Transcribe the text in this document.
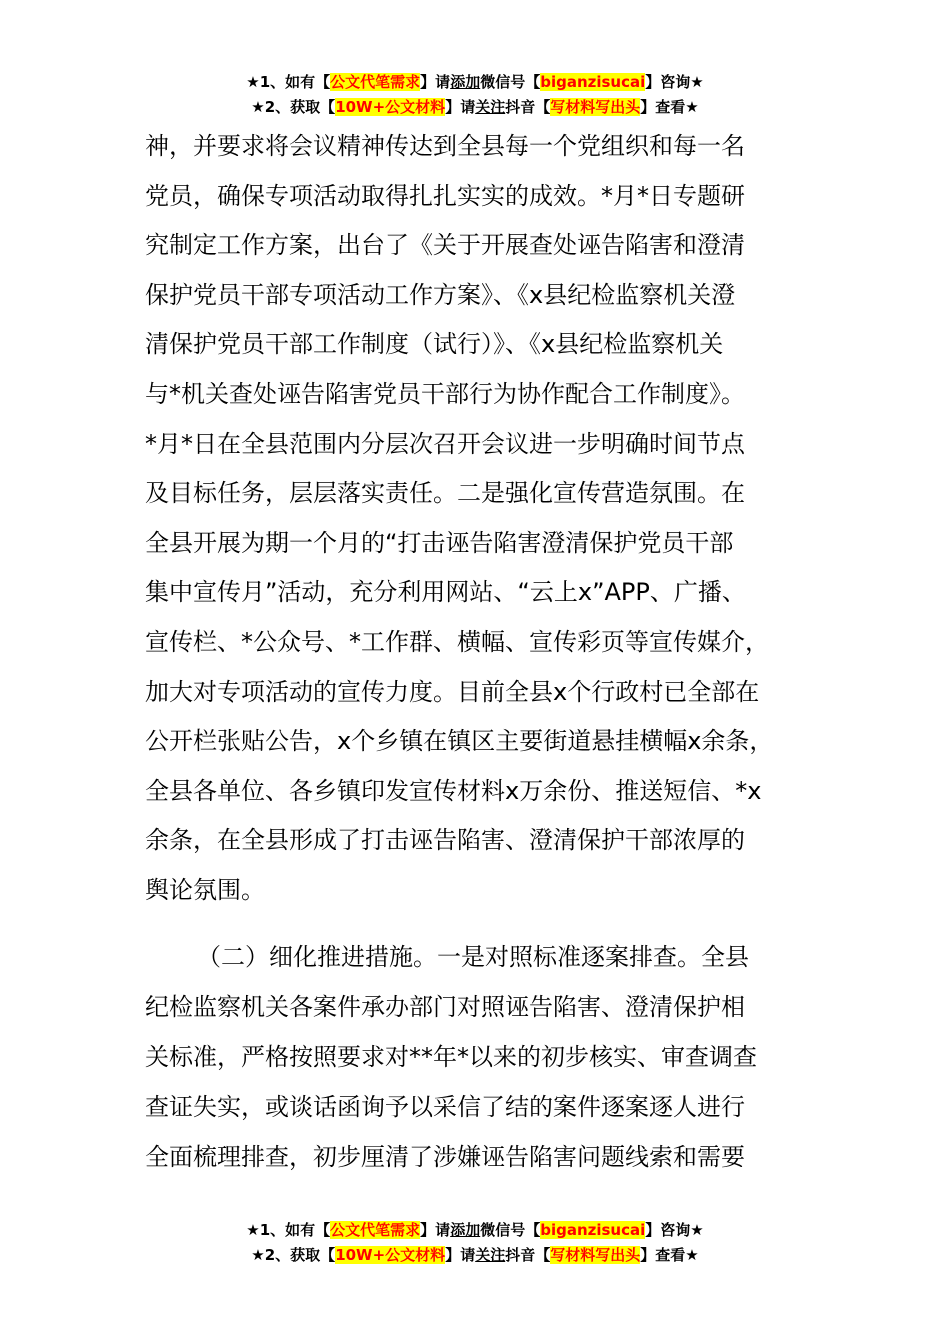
★1、如有【公文代笔需求】请添加微信号【biganzisucai】咨询★
★2、获取【10W+公文材料】请关注抖音【写材料写出头】查看★
神，并要求将会议精神传达到全县每一个党组织和每一名
党员，确保专项活动取得扎扎实实的成效。*月*日专题研
究制定工作方案，出台了《关于开展查处诬告陷害和澄清
保护党员干部专项活动工作方案》、《x县纪检监察机关澄
清保护党员干部工作制度（试行）》、《x县纪检监察机关
与*机关查处诬告陷害党员干部行为协作配合工作制度》。
*月*日在全县范围内分层次召开会议进一步明确时间节点
及目标任务，层层落实责任。二是强化宣传营造氛围。在
全县开展为期一个月的“打击诬告陷害澄清保护党员干部
集中宣传月”活动，充分利用网站、“云上x”APP、广播、
宣传栏、*公众号、*工作群、横幅、宣传彩页等宣传媒介，
加大对专项活动的宣传力度。目前全县x个行政村已全部在
公开栏张贴公告，x个乡镇在镇区主要街道悬挂横幅x余条，
全县各单位、各乡镇印发宣传材料x万余份、推送短信、*x
余条，在全县形成了打击诬告陷害、澄清保护干部浓厚的
舆论氛围。
（二）细化推进措施。一是对照标准逐案排查。全县
纪检监察机关各案件承办部门对照诬告陷害、澄清保护相
关标准，严格按照要求对**年*以来的初步核实、审查调查
查证失实，或谈话函询予以采信了结的案件逐案逐人进行
全面梳理排查，初步厘清了涉嫌诬告陷害问题线索和需要
★1、如有【公文代笔需求】请添加微信号【biganzisucai】咨询★
★2、获取【10W+公文材料】请关注抖音【写材料写出头】查看★
